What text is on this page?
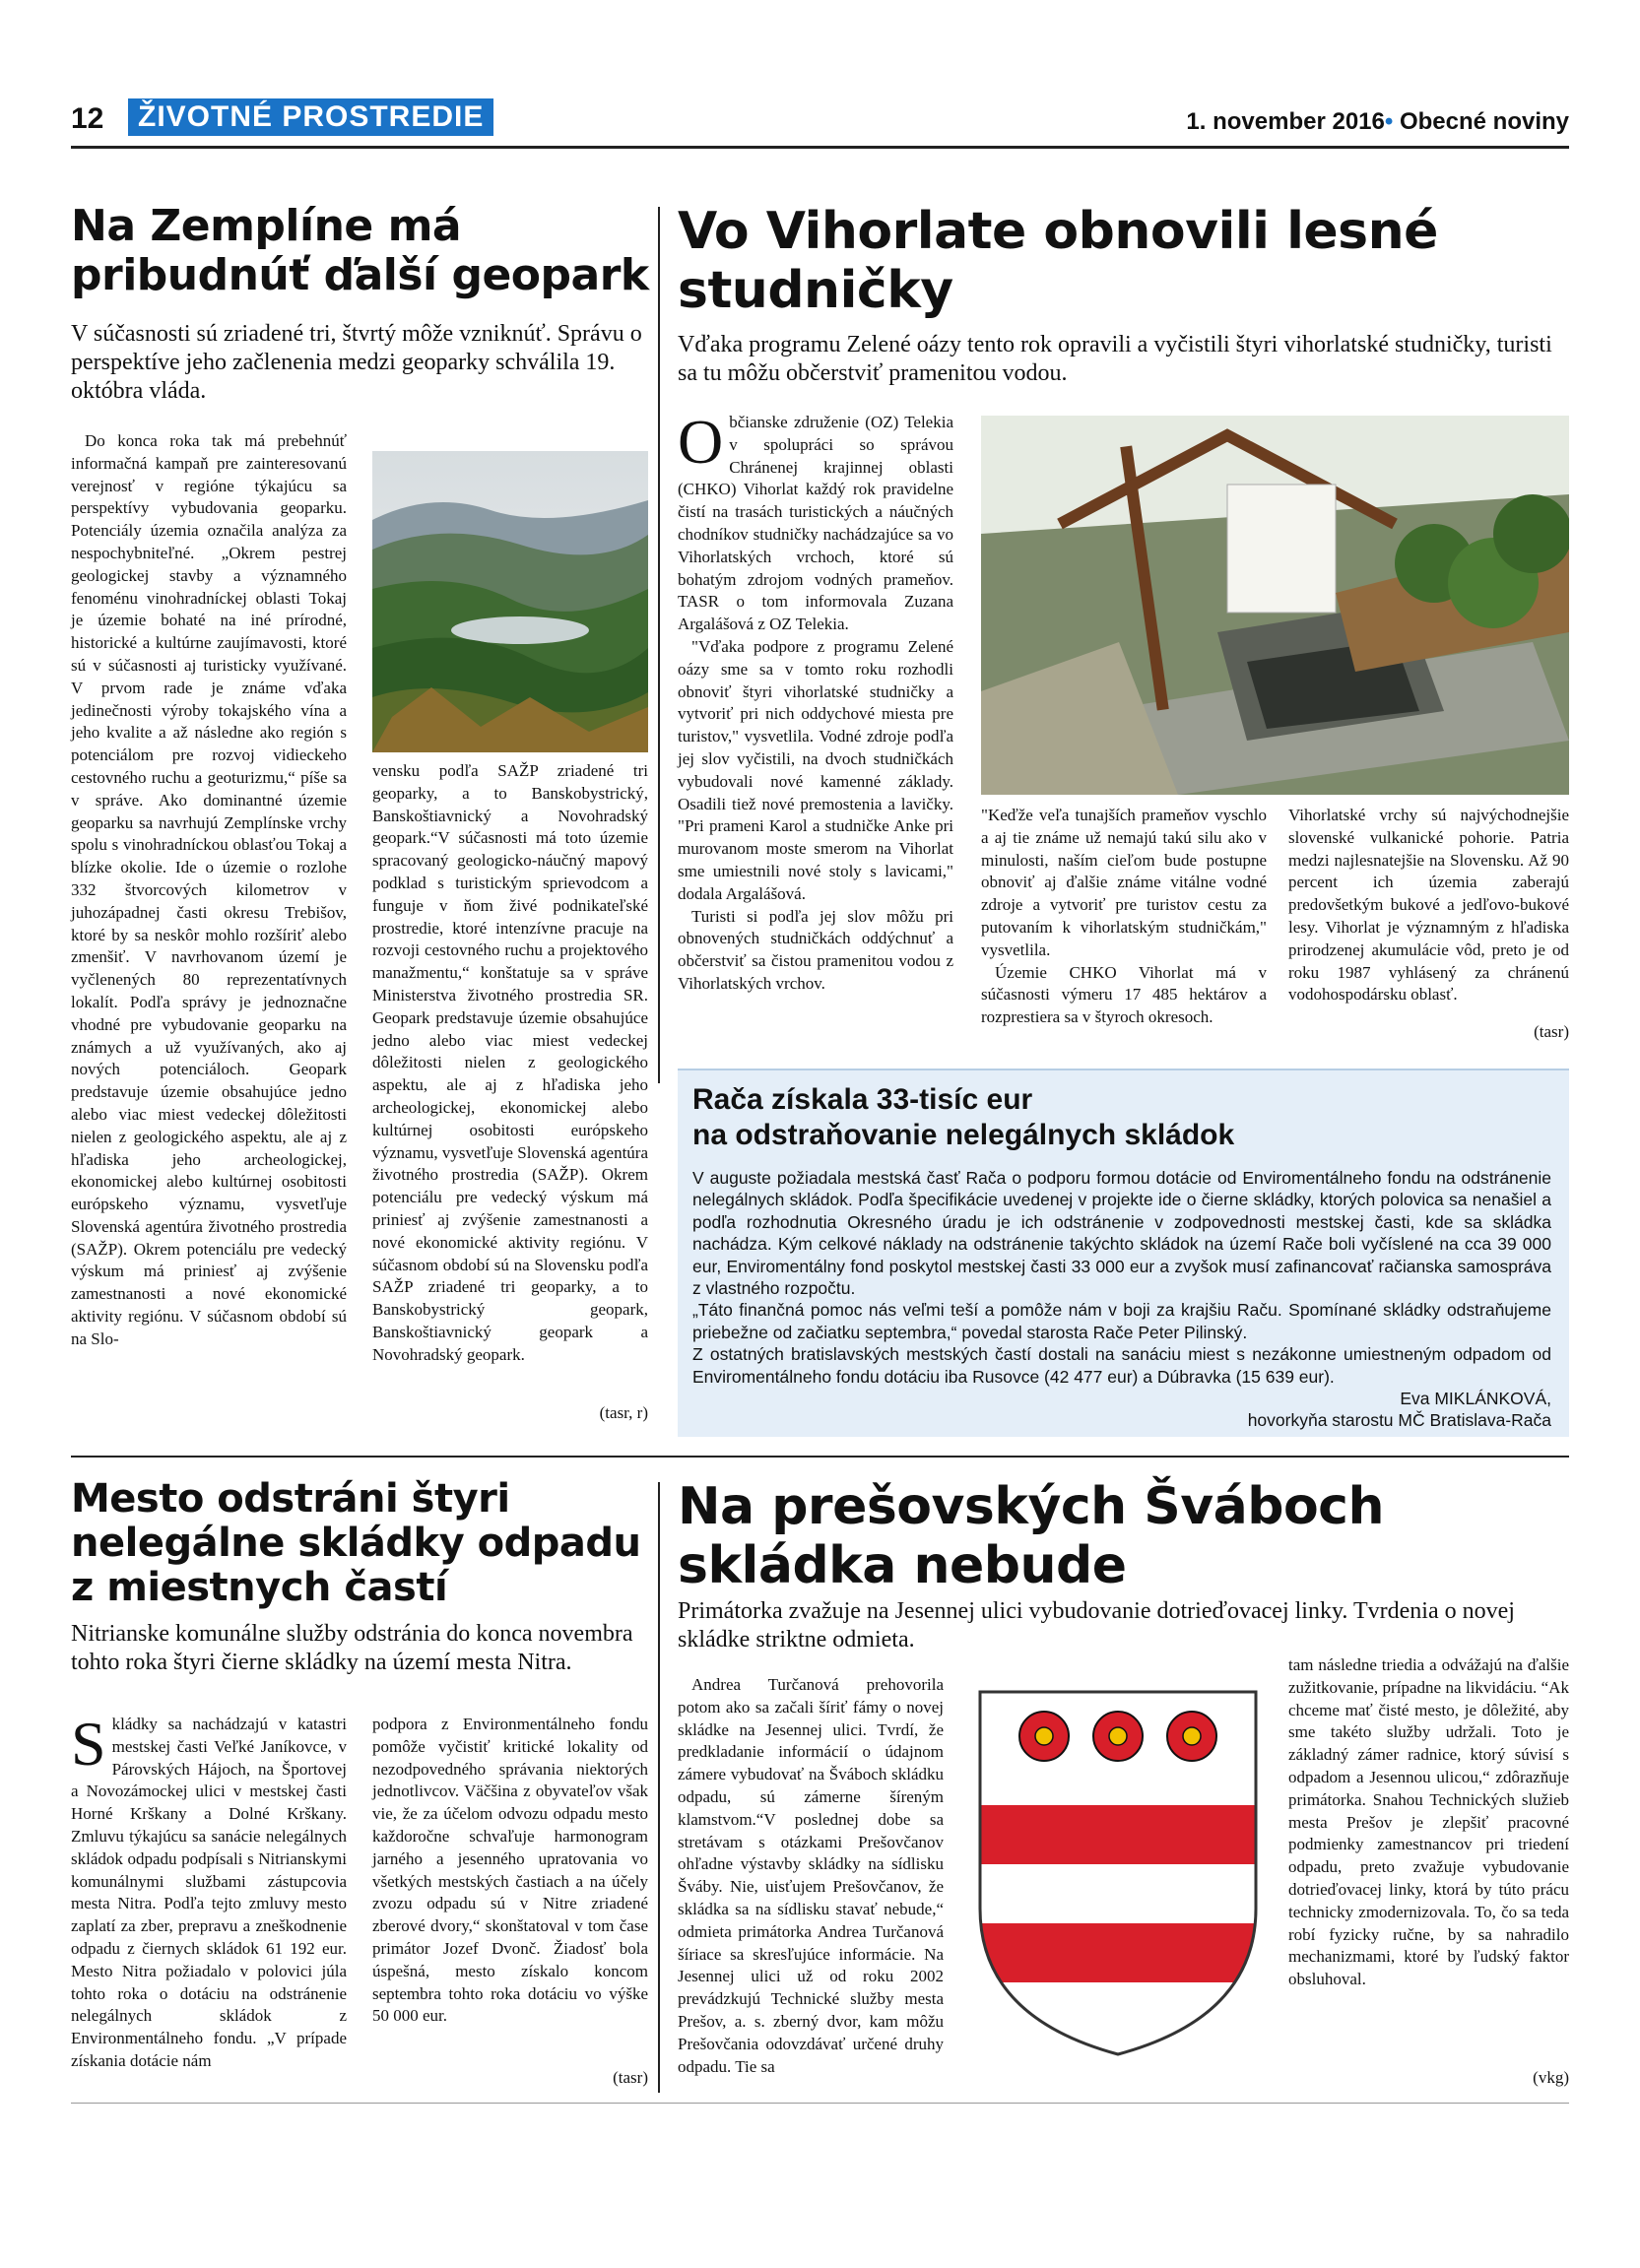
12	ŽIVOTNÉ PROSTREDIE	1. november 2016• Obecné noviny
Na Zemplíne má
pribudnúť ďalší geopark
V súčasnosti sú zriadené tri, štvrtý môže vzniknúť. Správu o perspektíve jeho začlenenia medzi geoparky schválila 19. októbra vláda.

Do konca roka tak má prebehnúť informačná kampaň pre zainteresovanú verejnosť v regióne týkajúcu sa perspektívy vybudovania geoparku. Potenciály územia označila analýza za nespochybniteľné. „Okrem pestrej geologickej stavby a významného fenoménu vinohradníckej oblasti Tokaj je územie bohaté na iné prírodné, historické a kultúrne zaujímavosti, ktoré sú v súčasnosti aj turisticky využívané. V prvom rade je známe vďaka jedinečnosti výroby tokajského vína a jeho kvalite a až následne ako región s potenciálom pre rozvoj vidieckeho cestovného ruchu a geoturizmu,“ píše sa v správe. Ako dominantné územie geoparku sa navrhujú Zemplínske vrchy spolu s vinohradníckou oblasťou Tokaj a blízke okolie. Ide o územie o rozlohe 332 štvorcových kilometrov v juhozápadnej časti okresu Trebišov, ktoré by sa neskôr mohlo rozšíriť alebo zmenšiť. V navrhovanom území je vyčlenených 80 reprezentatívnych lokalít. Podľa správy je jednoznačne vhodné pre vybudovanie geoparku na známych a už využívaných, ako aj nových potenciáloch. Geopark predstavuje územie obsahujúce jedno alebo viac miest vedeckej dôležitosti nielen z geologického aspektu, ale aj z hľadiska jeho archeologickej, ekonomickej alebo kultúrnej osobitosti európskeho významu, vysvetľuje Slovenská agentúra životného prostredia (SAŽP). Okrem potenciálu pre vedecký výskum má priniesť aj zvýšenie zamestnanosti a nové ekonomické aktivity regiónu. V súčasnom období sú na Slo-

vensku podľa SAŽP zriadené tri geoparky, a to Banskobystrický, Banskoštiavnický a Novohradský geopark.“V súčasnosti má toto územie spracovaný geologicko-náučný mapový podklad s turistickým sprievodcom a funguje v ňom živé podnikateľské prostredie, ktoré intenzívne pracuje na rozvoji cestovného ruchu a projektového manažmentu,“ konštatuje sa v správe Ministerstva životného prostredia SR. Geopark predstavuje územie obsahujúce jedno alebo viac miest vedeckej dôležitosti nielen z geologického aspektu, ale aj z hľadiska jeho archeologickej, ekonomickej alebo kultúrnej osobitosti európskeho významu, vysvetľuje Slovenská agentúra životného prostredia (SAŽP). Okrem potenciálu pre vedecký výskum má priniesť aj zvýšenie zamestnanosti a nové ekonomické aktivity regiónu. V súčasnom období sú na Slovensku podľa SAŽP zriadené tri geoparky, a to Banskobystrický geopark, Banskoštiavnický geopark a Novohradský geopark.

(tasr, r)
Vo Vihorlate obnovili lesné
studničky
Vďaka programu Zelené oázy tento rok opravili a vyčistili štyri vihorlatské studničky, turisti sa tu môžu občerstviť pramenitou vodou.
O bčianske združenie (OZ) Telekia v spolupráci so správou Chránenej krajinnej oblasti (CHKO) Vihorlat každý rok pravidelne čistí na trasách turistických a náučných chodníkov studničky nachádzajúce sa vo Vihorlatských vrchoch, ktoré sú bohatým zdrojom vodných prameňov. TASR o tom informovala Zuzana Argalášová z OZ Telekia.

"Vďaka podpore z programu Zelené oázy sme sa v tomto roku rozhodli obnoviť štyri vihorlatské studničky a vytvoriť pri nich oddychové miesta pre turistov," vysvetlila. Vodné zdroje podľa jej slov vyčistili, na dvoch studničkách vybudovali nové kamenné základy. Osadili tiež nové premostenia a lavičky. "Pri prameni Karol a studničke Anke pri murovanom moste smerom na Vihorlat sme umiestnili nové stoly s lavicami," dodala Argalášová.

Turisti si podľa jej slov môžu pri obnovených studničkách oddýchnuť a občerstviť sa čistou pramenitou vodou z Vihorlatských vrchov.

"Keďže veľa tunajších prameňov vyschlo a aj tie známe už nemajú takú silu ako v minulosti, naším cieľom bude postupne obnoviť aj ďalšie známe vitálne vodné zdroje a vytvoriť pre turistov cestu za putovaním k vihorlatským studničkám," vysvetlila.

Územie CHKO Vihorlat má v súčasnosti výmeru 17 485 hektárov a rozprestiera sa v štyroch okresoch.

Vihorlatské vrchy sú najvýchodnejšie slovenské vulkanické pohorie. Patria medzi najlesnatejšie na Slovensku. Až 90 percent ich územia zaberajú predovšetkým bukové a jedľovo-bukové lesy. Vihorlat je významným z hľadiska prirodzenej akumulácie vôd, preto je od roku 1987 vyhlásený za chránenú vodohospodársku oblasť.

(tasr)
Rača získala 33-tisíc eur
na odstraňovanie nelegálnych skládok

V auguste požiadala mestská časť Rača o podporu formou dotácie od Enviromentálneho fondu na odstránenie nelegálnych skládok. Podľa špecifikácie uvedenej v projekte ide o čierne skládky, ktorých polovica sa nenašiel a podľa rozhodnutia Okresného úradu je ich odstránenie v zodpovednosti mestskej časti, kde sa skládka nachádza. Kým celkové náklady na odstránenie takýchto skládok na území Rače boli vyčíslené na cca 39 000 eur, Enviromentálny fond poskytol mestskej časti 33 000 eur a zvyšok musí zafinancovať račianska samospráva z vlastného rozpočtu.

„Táto finančná pomoc nás veľmi teší a pomôže nám v boji za krajšiu Raču. Spomínané skládky odstraňujeme priebežne od začiatku septembra,“ povedal starosta Rače Peter Pilinský.

Z ostatných bratislavských mestských častí dostali na sanáciu miest s nezákonne umiestneným odpadom od Enviromentálneho fondu dotáciu iba Rusovce (42 477 eur) a Dúbravka (15 639 eur).

Eva MIKLÁNKOVÁ,

hovorkyňa starostu MČ Bratislava-Rača

Mesto odstráni štyri
nelegálne skládky odpadu
z miestnych častí
Nitrianske komunálne služby odstránia do konca novembra tohto roka štyri čierne skládky na území mesta Nitra.
S kládky sa nachádzajú v katastri mestskej časti Veľké Janíkovce, v Párovských Hájoch, na Športovej a Novozámockej ulici v mestskej časti Horné Krškany a Dolné Krškany. Zmluvu týkajúcu sa sanácie nelegálnych skládok odpadu podpísali s Nitrianskymi komunálnymi službami zástupcovia mesta Nitra. Podľa tejto zmluvy mesto zaplatí za zber, prepravu a zneškodnenie odpadu z čiernych skládok 61 192 eur. Mesto Nitra požiadalo v polovici júla tohto roka o dotáciu na odstránenie nelegálnych skládok z Environmentálneho fondu. „V prípade získania dotácie nám

podpora z Environmentálneho fondu pomôže vyčistiť kritické lokality od nezodpovedného správania niektorých jednotlivcov. Väčšina z obyvateľov však vie, že za účelom odvozu odpadu mesto každoročne schvaľuje harmonogram jarného a jesenného upratovania vo všetkých mestských častiach a na účely zvozu odpadu sú v Nitre zriadené zberové dvory,“ skonštatoval v tom čase primátor Jozef Dvonč. Žiadosť bola úspešná, mesto získalo koncom septembra tohto roka dotáciu vo výške 50 000 eur.

(tasr)
Na prešovských Šváboch
skládka nebude
Primátorka zvažuje na Jesennej ulici vybudovanie dotrieďovacej linky. Tvrdenia o novej skládke striktne odmieta.

Andrea Turčanová prehovorila potom ako sa začali šíriť fámy o novej skládke na Jesennej ulici. Tvrdí, že predkladanie informácií o údajnom zámere vybudovať na Šváboch skládku odpadu, sú zámerne šíreným klamstvom.“V poslednej dobe sa stretávam s otázkami Prešovčanov ohľadne výstavby skládky na sídlisku Šváby. Nie, uisťujem Prešovčanov, že skládka sa na sídlisku stavať nebude,“ odmieta primátorka Andrea Turčanová šíriace sa skresľujúce informácie. Na Jesennej ulici už od roku 2002 prevádzkujú Technické služby mesta Prešov, a. s. zberný dvor, kam môžu Prešovčania odovzdávať určené druhy odpadu. Tie sa

tam následne triedia a odvážajú na ďalšie zužitkovanie, prípadne na likvidáciu. “Ak chceme mať čisté mesto, je dôležité, aby sme takéto služby udržali. Toto je základný zámer radnice, ktorý súvisí s odpadom a Jesennou ulicou,“ zdôrazňuje primátorka. Snahou Technických služieb mesta Prešov je zlepšiť pracovné podmienky zamestnancov pri triedení odpadu, preto zvažuje vybudovanie dotrieďovacej linky, ktorá by túto prácu technicky zmodernizovala. To, čo sa teda robí fyzicky ručne, by sa nahradilo mechanizmami, ktoré by ľudský faktor obsluhoval.

(vkg)
